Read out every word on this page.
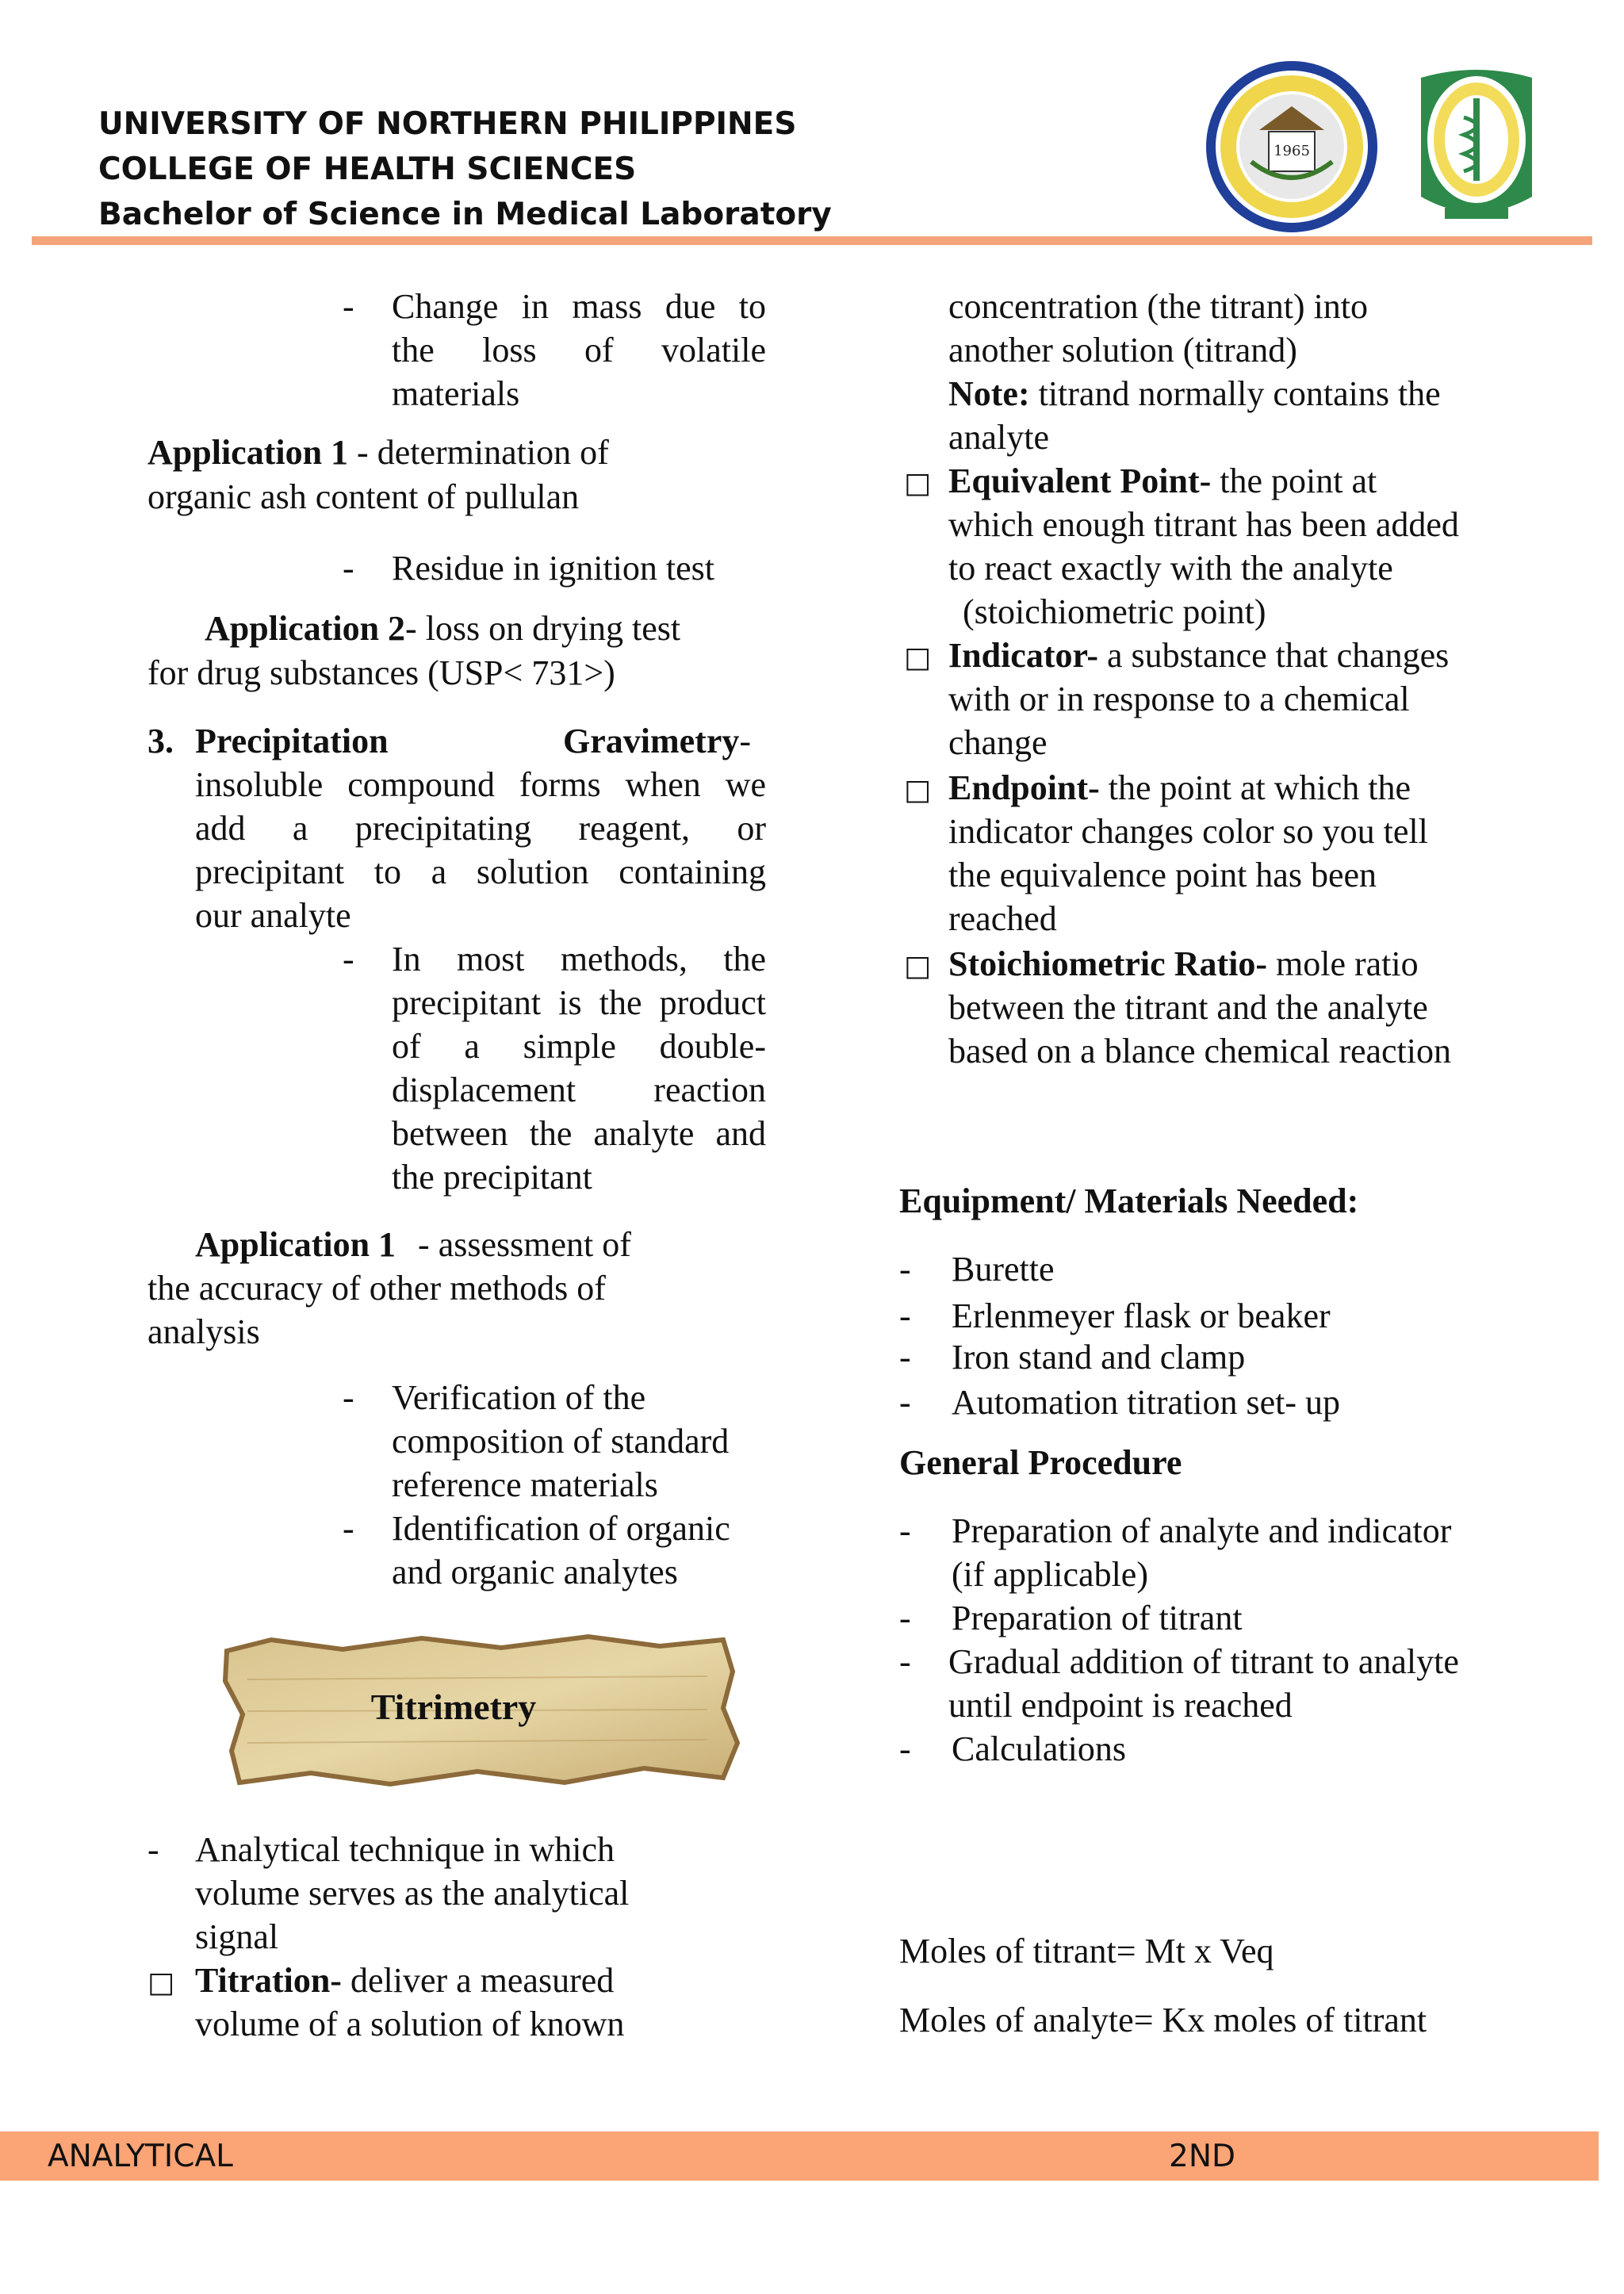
UNIVERSITY OF NORTHERN PHILIPPINES
COLLEGE OF HEALTH SCIENCES
Bachelor of Science in Medical Laboratory
1965
- Change in mass due to
the loss of volatile
materials
Application 1 - determination of
organic ash content of pullulan
- Residue in ignition test
Application 2- loss on drying test
for drug substances (USP< 731>)
3. Precipitation	Gravimetry-
insoluble compound forms when we
add a precipitating reagent, or
precipitant to a solution containing
our analyte
- In most methods, the
precipitant is the product
of a simple double-
displacement reaction
between the analyte and
the precipitant
Application 1 - assessment of
the accuracy of other methods of
analysis
- Verification of the
composition of standard
reference materials
- Identification of organic
and organic analytes
Titrimetry
- Analytical technique in which
volume serves as the analytical
signal
□ Titration- deliver a measured
volume of a solution of known
concentration (the titrant) into
another solution (titrand)
Note: titrand normally contains the
analyte
□ Equivalent Point- the point at
which enough titrant has been added
to react exactly with the analyte
(stoichiometric point)
□ Indicator- a substance that changes
with or in response to a chemical
change
□ Endpoint- the point at which the
indicator changes color so you tell
the equivalence point has been
reached
□ Stoichiometric Ratio- mole ratio
between the titrant and the analyte
based on a blance chemical reaction
Equipment/ Materials Needed:
- Burette
- Erlenmeyer flask or beaker
- Iron stand and clamp
- Automation titration set- up
General Procedure
- Preparation of analyte and indicator
(if applicable)
- Preparation of titrant
- Gradual addition of titrant to analyte
until endpoint is reached
- Calculations
Moles of titrant= Mt x Veq
Moles of analyte= Kx moles of titrant
ANALYTICAL	2ND
